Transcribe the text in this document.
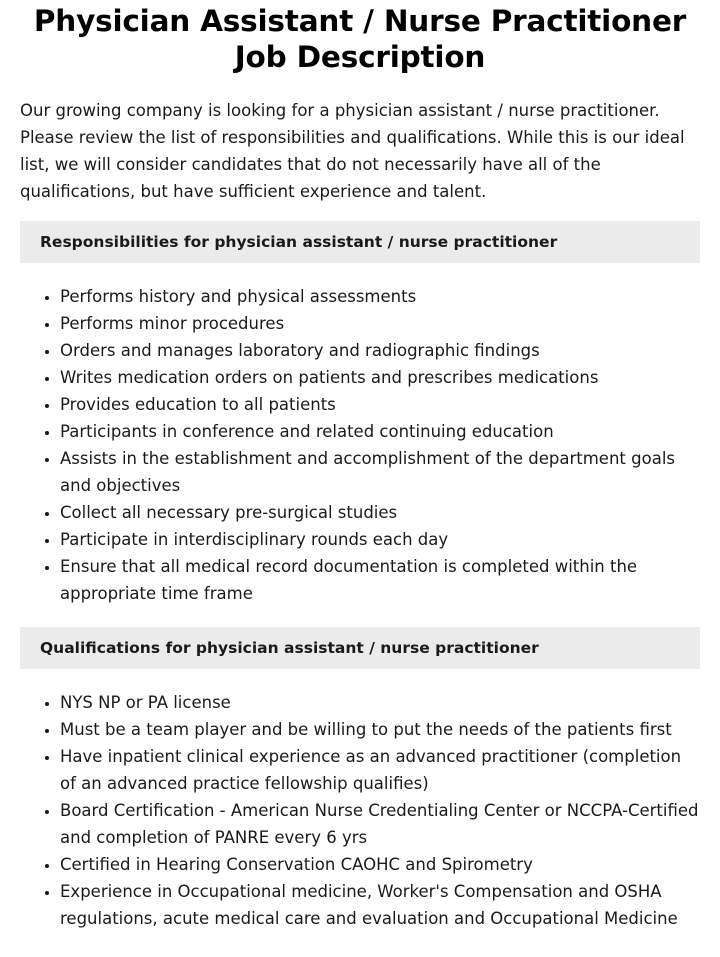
Physician Assistant / Nurse Practitioner Job Description

Our growing company is looking for a physician assistant / nurse practitioner. Please review the list of responsibilities and qualifications. While this is our ideal list, we will consider candidates that do not necessarily have all of the qualifications, but have sufficient experience and talent.

Responsibilities for physician assistant / nurse practitioner
• Performs history and physical assessments
• Performs minor procedures
• Orders and manages laboratory and radiographic findings
• Writes medication orders on patients and prescribes medications
• Provides education to all patients
• Participants in conference and related continuing education
• Assists in the establishment and accomplishment of the department goals and objectives
• Collect all necessary pre-surgical studies
• Participate in interdisciplinary rounds each day
• Ensure that all medical record documentation is completed within the appropriate time frame
Qualifications for physician assistant / nurse practitioner
• NYS NP or PA license
• Must be a team player and be willing to put the needs of the patients first
• Have inpatient clinical experience as an advanced practitioner (completion of an advanced practice fellowship qualifies)
• Board Certification - American Nurse Credentialing Center or NCCPA-Certified and completion of PANRE every 6 yrs
• Certified in Hearing Conservation CAOHC and Spirometry
• Experience in Occupational medicine, Worker's Compensation and OSHA regulations, acute medical care and evaluation and Occupational Medicine
